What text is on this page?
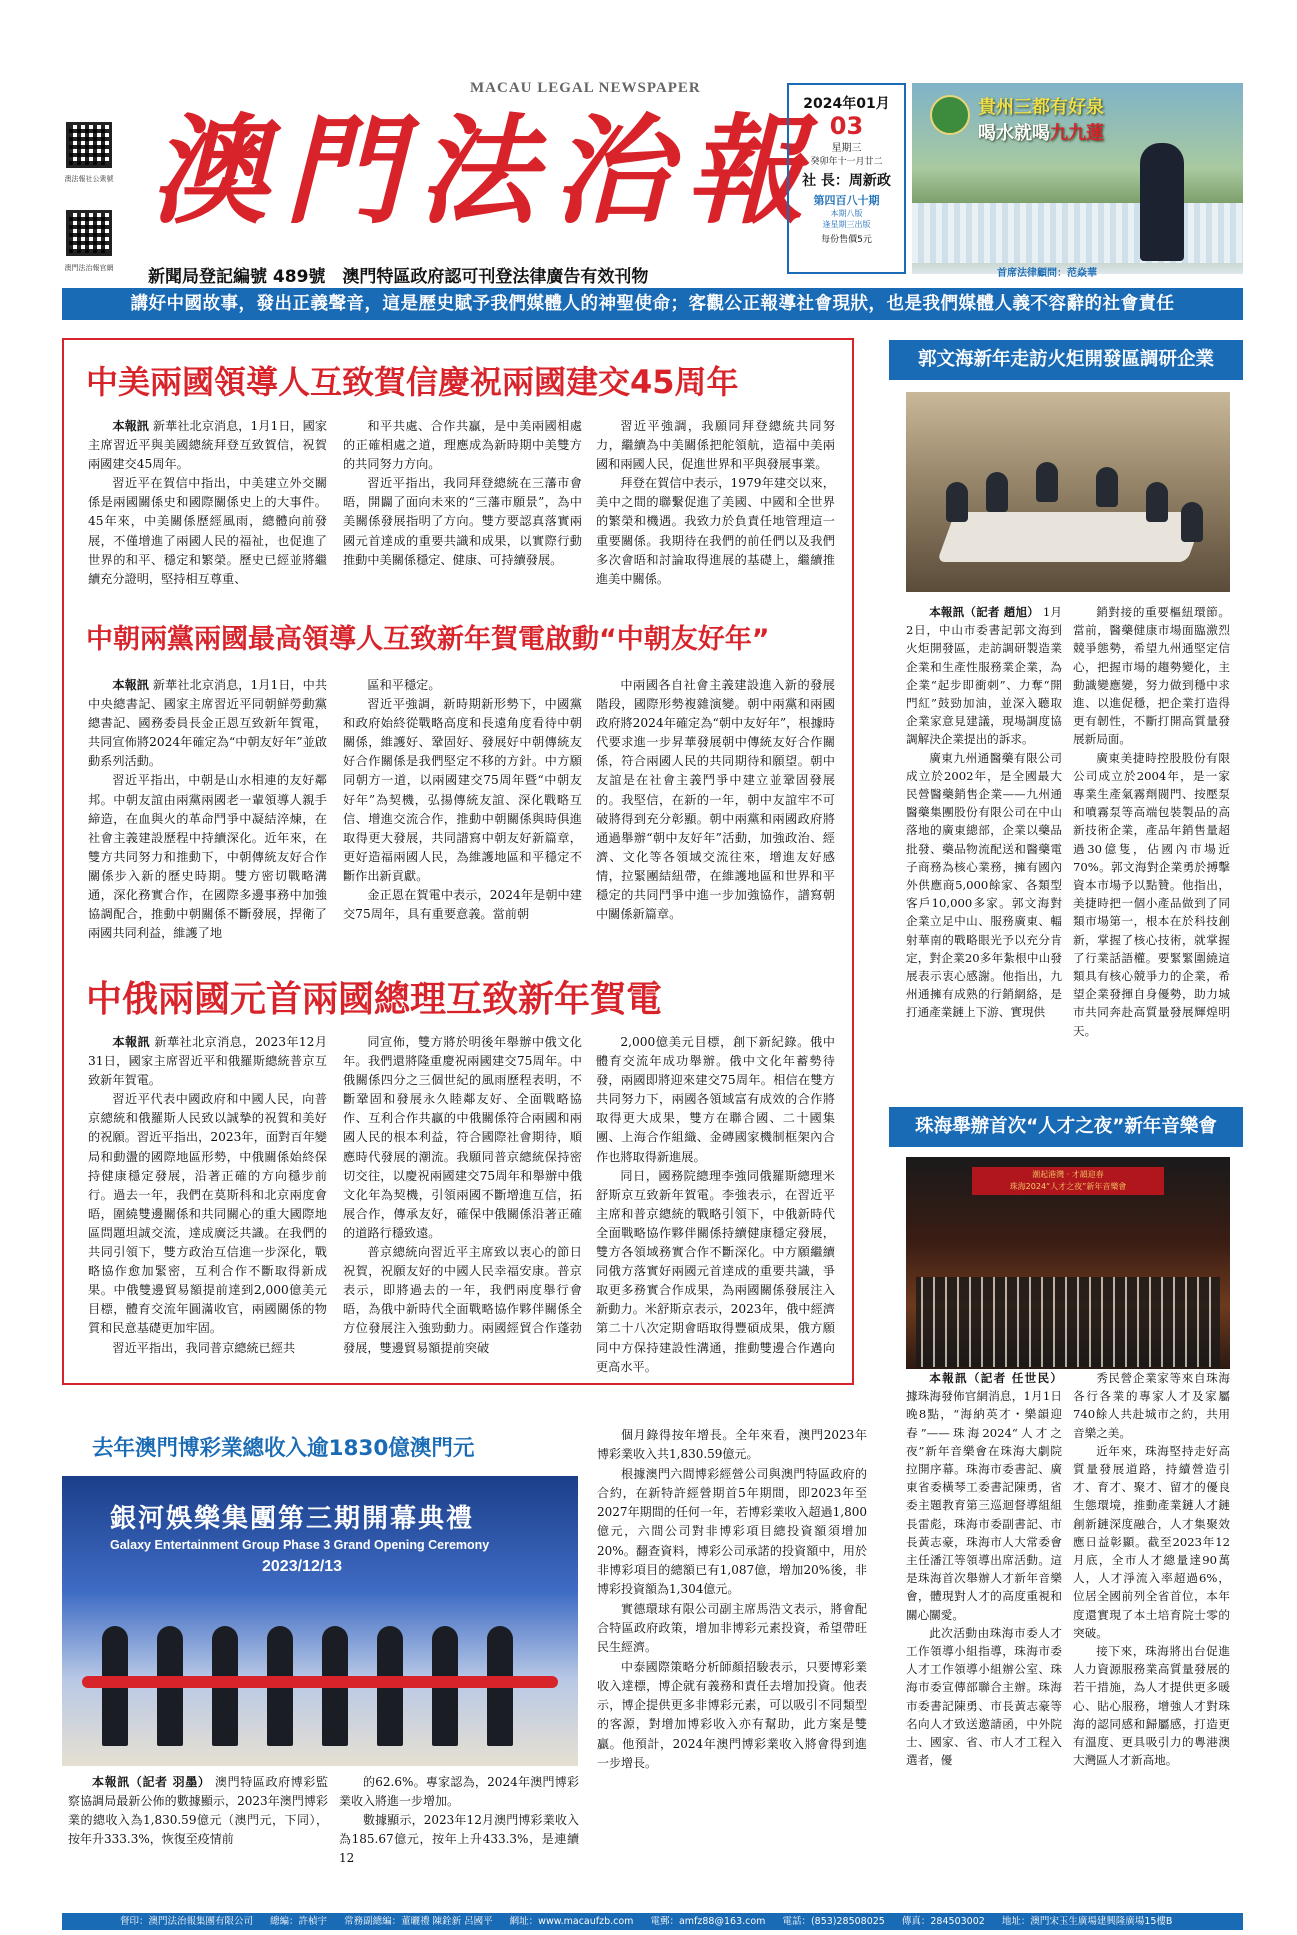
澳法報社公衆號
澳門法治報官網
MACAU LEGAL NEWSPAPER
澳門法治報
新聞局登記編號 489號　澳門特區政府認可刊登法律廣告有效刊物
2024年01月
03
星期三
癸卯年十一月廿二
社 長：周新政
第四百八十期
本期八版
逢星期三出版
每份售價5元
貴州三都有好泉
喝水就喝九九蓮
首席法律顧問：范焱華
講好中國故事，發出正義聲音，這是歷史賦予我們媒體人的神聖使命；客觀公正報導社會現狀，也是我們媒體人義不容辭的社會責任
中美兩國領導人互致賀信慶祝兩國建交45周年

本報訊 新華社北京消息，1月1日，國家主席習近平與美國總統拜登互致賀信，祝賀兩國建交45周年。

習近平在賀信中指出，中美建立外交關係是兩國關係史和國際關係史上的大事件。45年來，中美關係歷經風雨，總體向前發展，不僅增進了兩國人民的福祉，也促進了世界的和平、穩定和繁榮。歷史已經並將繼續充分證明，堅持相互尊重、

和平共處、合作共贏，是中美兩國相處的正確相處之道，理應成為新時期中美雙方的共同努力方向。

習近平指出，我同拜登總統在三藩市會晤，開闢了面向未來的“三藩市願景”，為中美關係發展指明了方向。雙方要認真落實兩國元首達成的重要共識和成果，以實際行動推動中美關係穩定、健康、可持續發展。

習近平強調，我願同拜登總統共同努力，繼續為中美關係把舵領航，造福中美兩國和兩國人民，促進世界和平與發展事業。

拜登在賀信中表示，1979年建交以來，美中之間的聯繫促進了美國、中國和全世界的繁榮和機遇。我致力於負責任地管理這一重要關係。我期待在我們的前任們以及我們多次會晤和討論取得進展的基礎上，繼續推進美中關係。

中朝兩黨兩國最高領導人互致新年賀電啟動“中朝友好年”

本報訊 新華社北京消息，1月1日，中共中央總書記、國家主席習近平同朝鮮勞動黨總書記、國務委員長金正恩互致新年賀電，共同宣佈將2024年確定為“中朝友好年”並啟動系列活動。

習近平指出，中朝是山水相連的友好鄰邦。中朝友誼由兩黨兩國老一輩領導人親手締造，在血與火的革命鬥爭中凝結淬煉，在社會主義建設歷程中持續深化。近年來，在雙方共同努力和推動下，中朝傳統友好合作關係步入新的歷史時期。雙方密切戰略溝通，深化務實合作，在國際多邊事務中加強協調配合，推動中朝關係不斷發展，捍衛了兩國共同利益，維護了地

區和平穩定。

習近平強調，新時期新形勢下，中國黨和政府始終從戰略高度和長遠角度看待中朝關係，維護好、鞏固好、發展好中朝傳統友好合作關係是我們堅定不移的方針。中方願同朝方一道，以兩國建交75周年暨“中朝友好年”為契機，弘揚傳統友誼、深化戰略互信、增進交流合作，推動中朝關係與時俱進取得更大發展，共同譜寫中朝友好新篇章，更好造福兩國人民，為維護地區和平穩定不斷作出新貢獻。

金正恩在賀電中表示，2024年是朝中建交75周年，具有重要意義。當前朝

中兩國各自社會主義建設進入新的發展階段，國際形勢複雜演變。朝中兩黨和兩國政府將2024年確定為“朝中友好年”，根據時代要求進一步昇華發展朝中傳統友好合作關係，符合兩國人民的共同期待和願望。朝中友誼是在社會主義鬥爭中建立並鞏固發展的。我堅信，在新的一年，朝中友誼牢不可破將得到充分彰顯。朝中兩黨和兩國政府將通過舉辦“朝中友好年”活動，加強政治、經濟、文化等各領域交流往來，增進友好感情，拉緊團結紐帶，在維護地區和世界和平穩定的共同鬥爭中進一步加強協作，譜寫朝中關係新篇章。

中俄兩國元首兩國總理互致新年賀電

本報訊 新華社北京消息，2023年12月31日，國家主席習近平和俄羅斯總統普京互致新年賀電。

習近平代表中國政府和中國人民，向普京總統和俄羅斯人民致以誠摯的祝賀和美好的祝願。習近平指出，2023年，面對百年變局和動盪的國際地區形勢，中俄關係始終保持健康穩定發展，沿著正確的方向穩步前行。過去一年，我們在莫斯科和北京兩度會晤，圍繞雙邊關係和共同關心的重大國際地區問題坦誠交流，達成廣泛共識。在我們的共同引領下，雙方政治互信進一步深化，戰略協作愈加緊密，互利合作不斷取得新成果。中俄雙邊貿易額提前達到2,000億美元目標，體育交流年圓滿收官，兩國關係的物質和民意基礎更加牢固。

習近平指出，我同普京總統已經共

同宣佈，雙方將於明後年舉辦中俄文化年。我們還將隆重慶祝兩國建交75周年。中俄關係四分之三個世紀的風雨歷程表明，不斷鞏固和發展永久睦鄰友好、全面戰略協作、互利合作共贏的中俄關係符合兩國和兩國人民的根本利益，符合國際社會期待，順應時代發展的潮流。我願同普京總統保持密切交往，以慶祝兩國建交75周年和舉辦中俄文化年為契機，引領兩國不斷增進互信，拓展合作，傳承友好，確保中俄關係沿著正確的道路行穩致遠。

普京總統向習近平主席致以衷心的節日祝賀，祝願友好的中國人民幸福安康。普京表示，即將過去的一年，我們兩度舉行會晤，為俄中新時代全面戰略協作夥伴關係全方位發展注入強勁動力。兩國經貿合作蓬勃發展，雙邊貿易額提前突破

2,000億美元目標，創下新紀錄。俄中體育交流年成功舉辦。俄中文化年蓄勢待發，兩國即將迎來建交75周年。相信在雙方共同努力下，兩國各領域富有成效的合作將取得更大成果，雙方在聯合國、二十國集團、上海合作組織、金磚國家機制框架內合作也將取得新進展。

同日，國務院總理李強同俄羅斯總理米舒斯京互致新年賀電。李強表示，在習近平主席和普京總統的戰略引領下，中俄新時代全面戰略協作夥伴關係持續健康穩定發展，雙方各領域務實合作不斷深化。中方願繼續同俄方落實好兩國元首達成的重要共識，爭取更多務實合作成果，為兩國關係發展注入新動力。米舒斯京表示，2023年，俄中經濟第二十八次定期會晤取得豐碩成果，俄方願同中方保持建設性溝通，推動雙邊合作邁向更高水平。

郭文海新年走訪火炬開發區調研企業

本報訊（記者 趙旭） 1月2日，中山市委書記郭文海到火炬開發區，走訪調研製造業企業和生產性服務業企業，為企業“起步即衝刺”、力奪“開門紅”鼓勁加油，並深入聽取企業家意見建議，現場調度協調解決企業提出的訴求。

廣東九州通醫藥有限公司成立於2002年，是全國最大民營醫藥銷售企業——九州通醫藥集團股份有限公司在中山落地的廣東總部，企業以藥品批發、藥品物流配送和醫藥電子商務為核心業務，擁有國內外供應商5,000餘家、各類型客戶10,000多家。郭文海對企業立足中山、服務廣東、輻射華南的戰略眼光予以充分肯定，對企業20多年紮根中山發展表示衷心感謝。他指出，九州通擁有成熟的行銷網絡，是打通產業鏈上下游、實現供

銷對接的重要樞紐環節。當前，醫藥健康市場面臨激烈競爭態勢，希望九州通堅定信心，把握市場的趨勢變化，主動識變應變，努力做到穩中求進、以進促穩，把企業打造得更有韌性，不斷打開高質量發展新局面。

廣東美捷時控股股份有限公司成立於2004年，是一家專業生產氣霧劑閥門、按壓泵和噴霧泵等高端包裝製品的高新技術企業，產品年銷售量超過30億隻，佔國內市場近70%。郭文海對企業勇於搏擊資本市場予以點贊。他指出，美捷時把一個小產品做到了同類市場第一，根本在於科技創新，掌握了核心技術，就掌握了行業話語權。要緊緊圍繞這類具有核心競爭力的企業，希望企業發揮自身優勢，助力城市共同奔赴高質量發展輝煌明天。

珠海舉辦首次“人才之夜”新年音樂會
潮起港灣 · 才韻迎春
珠海2024“人才之夜”新年音樂會

本報訊（記者 任世民） 據珠海發佈官網消息，1月1日晚8點，“海納英才・樂韻迎春”——珠海2024“人才之夜”新年音樂會在珠海大劇院拉開序幕。珠海市委書記、廣東省委橫琴工委書記陳勇，省委主題教育第三巡迴督導組組長雷彪，珠海市委副書記、市長黃志豪，珠海市人大常委會主任潘江等領導出席活動。這是珠海首次舉辦人才新年音樂會，體現對人才的高度重視和關心關愛。

此次活動由珠海市委人才工作領導小組指導，珠海市委人才工作領導小組辦公室、珠海市委宣傳部聯合主辦。珠海市委書記陳勇、市長黃志豪等名向人才致送邀請函，中外院士、國家、省、市人才工程入選者，優

秀民營企業家等來自珠海各行各業的專家人才及家屬740餘人共赴城市之約，共用音樂之美。

近年來，珠海堅持走好高質量發展道路，持續營造引才、育才、聚才、留才的優良生態環境，推動產業鏈人才鏈創新鏈深度融合，人才集聚效應日益彰顯。截至2023年12月底，全市人才總量達90萬人，人才淨流入率超過6%，位居全國前列全省首位，本年度還實現了本土培育院士零的突破。

接下來，珠海將出台促進人力資源服務業高質量發展的若干措施，為人才提供更多暖心、貼心服務，增強人才對珠海的認同感和歸屬感，打造更有溫度、更具吸引力的粵港澳大灣區人才新高地。

去年澳門博彩業總收入逾1830億澳門元
銀河娛樂集團第三期開幕典禮
Galaxy Entertainment Group Phase 3 Grand Opening Ceremony
2023/12/13

本報訊（記者 羽墨） 澳門特區政府博彩監察協調局最新公佈的數據顯示，2023年澳門博彩業的總收入為1,830.59億元（澳門元，下同），按年升333.3%，恢復至疫情前

的62.6%。專家認為，2024年澳門博彩業收入將進一步增加。

數據顯示，2023年12月澳門博彩業收入為185.67億元，按年上升433.3%，是連續12

個月錄得按年增長。全年來看，澳門2023年博彩業收入共1,830.59億元。

根據澳門六間博彩經營公司與澳門特區政府的合約，在新特許經營期首5年期間，即2023年至2027年期間的任何一年，若博彩業收入超過1,800億元，六間公司對非博彩項目總投資額須增加20%。翻查資料，博彩公司承諾的投資額中，用於非博彩項目的總額已有1,087億，增加20%後，非博彩投資額為1,304億元。

實德環球有限公司副主席馬浩文表示，將會配合特區政府政策，增加非博彩元素投資，希望帶旺民生經濟。

中泰國際策略分析師顏招駿表示，只要博彩業收入達標，博企就有義務和責任去增加投資。他表示，博企提供更多非博彩元素，可以吸引不同類型的客源，對增加博彩收入亦有幫助，此方案是雙贏。他預計，2024年澳門博彩業收入將會得到進一步增長。

督印：澳門法治報集團有限公司 總編：許楨宇 常務副總編：董曬禮 陳銓新 呂國平 網址：www.macaufzb.com 電郵：amfz88@163.com 電話：(853)28508025 傳真：284503002 地址：澳門宋玉生廣場建興隆廣場15樓B
